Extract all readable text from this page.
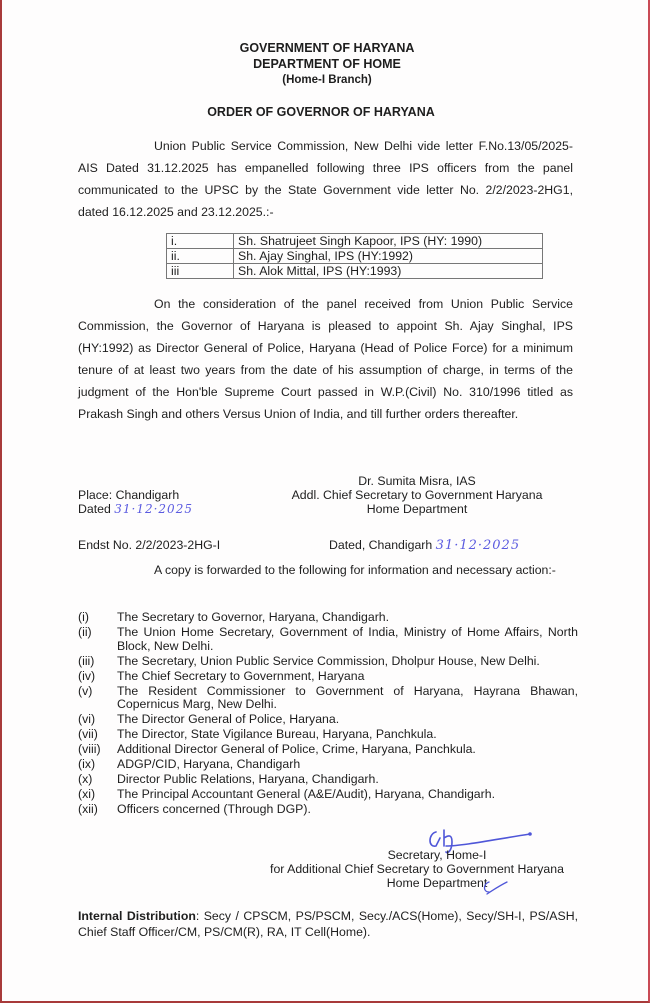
GOVERNMENT OF HARYANA
DEPARTMENT OF HOME
(Home-I Branch)
ORDER OF GOVERNOR OF HARYANA
Union Public Service Commission, New Delhi vide letter F.No.13/05/2025-AIS Dated 31.12.2025 has empanelled following three IPS officers from the panel communicated to the UPSC by the State Government vide letter No. 2/2/2023-2HG1, dated 16.12.2025 and 23.12.2025.:-
i.	Sh. Shatrujeet Singh Kapoor, IPS (HY: 1990)
ii.	Sh. Ajay Singhal, IPS (HY:1992)
iii	Sh. Alok Mittal, IPS (HY:1993)
On the consideration of the panel received from Union Public Service Commission, the Governor of Haryana is pleased to appoint Sh. Ajay Singhal, IPS (HY:1992) as Director General of Police, Haryana (Head of Police Force) for a minimum tenure of at least two years from the date of his assumption of charge, in terms of the judgment of the Hon'ble Supreme Court passed in W.P.(Civil) No. 310/1996 titled as Prakash Singh and others Versus Union of India, and till further orders thereafter.
Dr. Sumita Misra, IAS
Addl. Chief Secretary to Government Haryana
Home Department
Place: Chandigarh
Dated 31·12·2025
Endst No. 2/2/2023-2HG-I	Dated, Chandigarh 31·12·2025
A copy is forwarded to the following for information and necessary action:-
(i)	The Secretary to Governor, Haryana, Chandigarh.
(ii)	The Union Home Secretary, Government of India, Ministry of Home Affairs, North Block, New Delhi.
(iii)	The Secretary, Union Public Service Commission, Dholpur House, New Delhi.
(iv)	The Chief Secretary to Government, Haryana
(v)	The Resident Commissioner to Government of Haryana, Hayrana Bhawan, Copernicus Marg, New Delhi.
(vi)	The Director General of Police, Haryana.
(vii)	The Director, State Vigilance Bureau, Haryana, Panchkula.
(viii)	Additional Director General of Police, Crime, Haryana, Panchkula.
(ix)	ADGP/CID, Haryana, Chandigarh
(x)	Director Public Relations, Haryana, Chandigarh.
(xi)	The Principal Accountant General (A&E/Audit), Haryana, Chandigarh.
(xii)	Officers concerned (Through DGP).
Secretary, Home-I
for Additional Chief Secretary to Government Haryana
Home Department
Internal Distribution: Secy / CPSCM, PS/PSCM, Secy./ACS(Home), Secy/SH-I, PS/ASH, Chief Staff Officer/CM, PS/CM(R), RA, IT Cell(Home).
